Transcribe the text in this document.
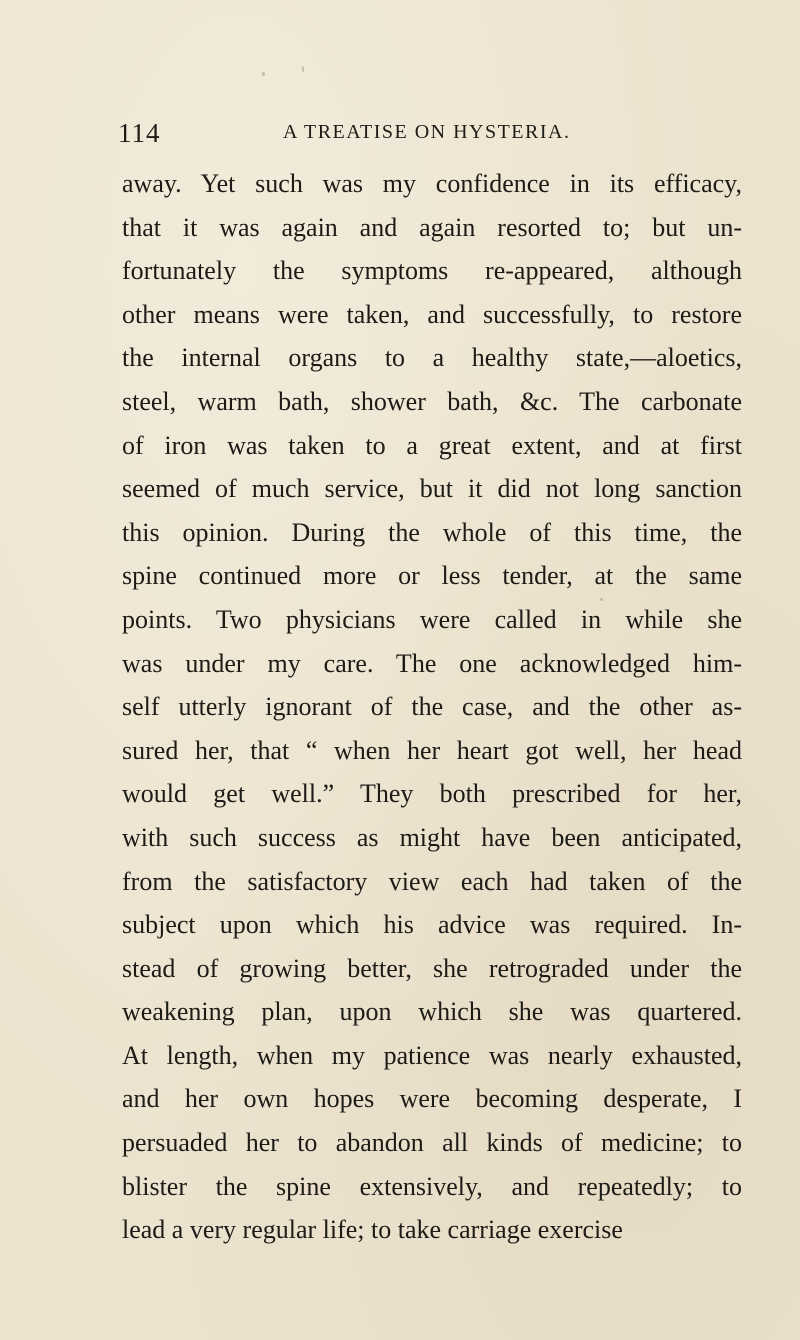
114	A TREATISE ON HYSTERIA.
away. Yet such was my confidence in its efficacy,
that it was again and again resorted to; but un-
fortunately the symptoms re-appeared, although
other means were taken, and successfully, to restore
the internal organs to a healthy state,—aloetics,
steel, warm bath, shower bath, &c. The carbonate
of iron was taken to a great extent, and at first
seemed of much service, but it did not long sanction
this opinion. During the whole of this time, the
spine continued more or less tender, at the same
points. Two physicians were called in while she
was under my care. The one acknowledged him-
self utterly ignorant of the case, and the other as-
sured her, that “ when her heart got well, her head
would get well.” They both prescribed for her,
with such success as might have been anticipated,
from the satisfactory view each had taken of the
subject upon which his advice was required. In-
stead of growing better, she retrograded under the
weakening plan, upon which she was quartered.
At length, when my patience was nearly exhausted,
and her own hopes were becoming desperate, I
persuaded her to abandon all kinds of medicine; to
blister the spine extensively, and repeatedly; to
lead a very regular life; to take carriage exercise
